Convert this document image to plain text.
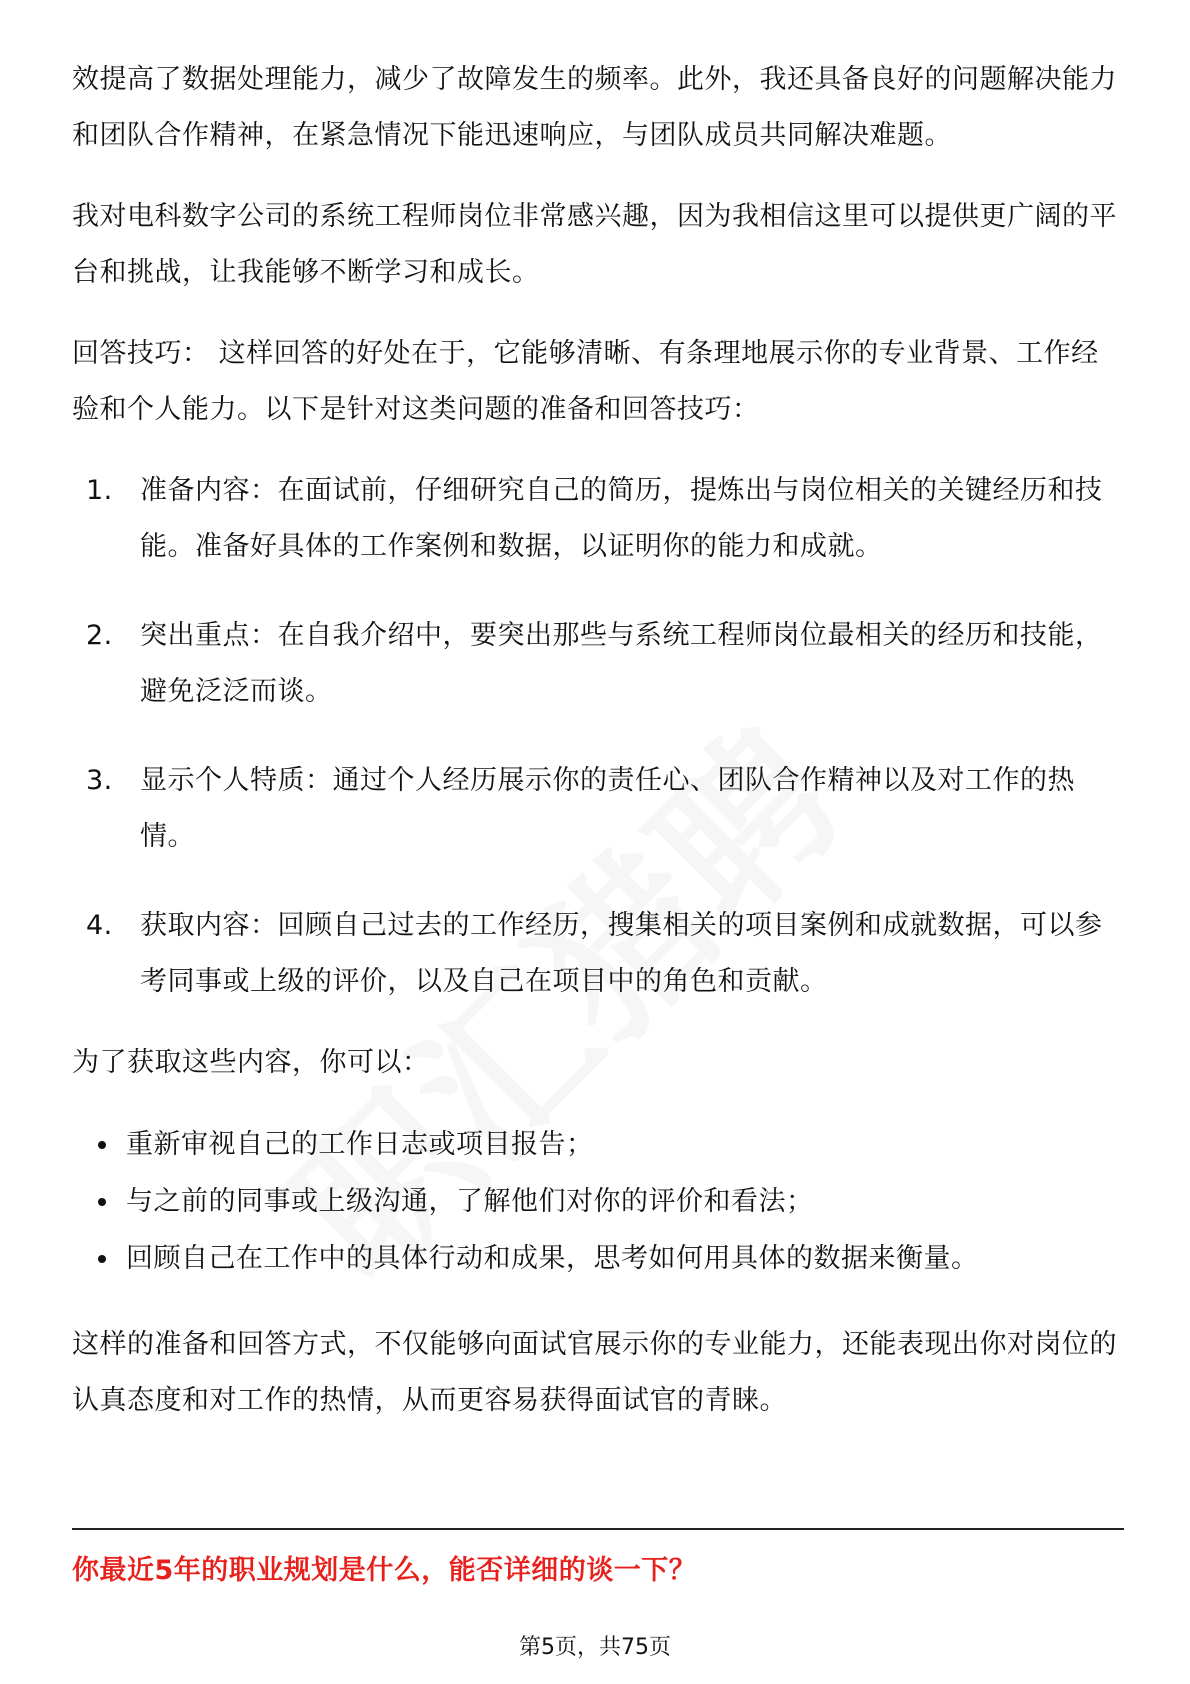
效提高了数据处理能力，减少了故障发生的频率。此外，我还具备良好的问题解决能力和团队合作精神，在紧急情况下能迅速响应，与团队成员共同解决难题。

我对电科数字公司的系统工程师岗位非常感兴趣，因为我相信这里可以提供更广阔的平台和挑战，让我能够不断学习和成长。

回答技巧： 这样回答的好处在于，它能够清晰、有条理地展示你的专业背景、工作经验和个人能力。以下是针对这类问题的准备和回答技巧：

1. 准备内容：在面试前，仔细研究自己的简历，提炼出与岗位相关的关键经历和技能。准备好具体的工作案例和数据，以证明你的能力和成就。
2. 突出重点：在自我介绍中，要突出那些与系统工程师岗位最相关的经历和技能，避免泛泛而谈。
3. 显示个人特质：通过个人经历展示你的责任心、团队合作精神以及对工作的热情。
4. 获取内容：回顾自己过去的工作经历，搜集相关的项目案例和成就数据，可以参考同事或上级的评价，以及自己在项目中的角色和贡献。

为了获取这些内容，你可以：

重新审视自己的工作日志或项目报告；
与之前的同事或上级沟通，了解他们对你的评价和看法；
回顾自己在工作中的具体行动和成果，思考如何用具体的数据来衡量。

这样的准备和回答方式，不仅能够向面试官展示你的专业能力，还能表现出你对岗位的认真态度和对工作的热情，从而更容易获得面试官的青睐。

你最近5年的职业规划是什么，能否详细的谈一下？
第5页，共75页
